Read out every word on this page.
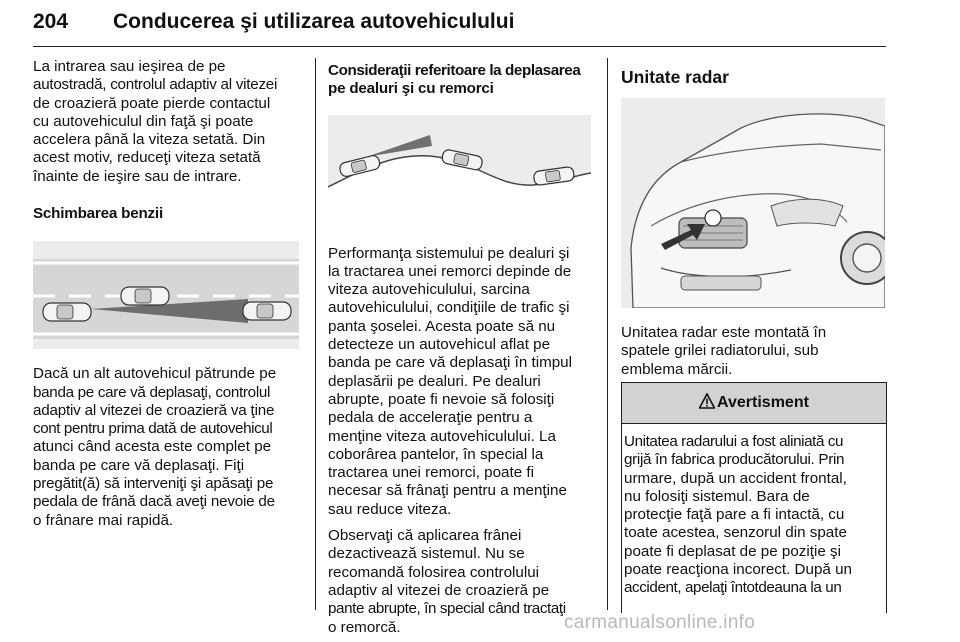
204 Conducerea şi utilizarea autovehiculului
La intrarea sau ieşirea de pe
autostradă, controlul adaptiv al vitezei
de croazieră poate pierde contactul
cu autovehiculul din faţă şi poate
accelera până la viteza setată. Din
acest motiv, reduceţi viteza setată
înainte de ieşire sau de intrare.
Schimbarea benzii
Dacă un alt autovehicul pătrunde pe
banda pe care vă deplasaţi, controlul
adaptiv al vitezei de croazieră va ţine
cont pentru prima dată de autovehicul
atunci când acesta este complet pe
banda pe care vă deplasaţi. Fiţi
pregătit(ă) să interveniţi şi apăsaţi pe
pedala de frână dacă aveţi nevoie de
o frânare mai rapidă.
Consideraţii referitoare la deplasarea
pe dealuri şi cu remorci
Performanţa sistemului pe dealuri şi
la tractarea unei remorci depinde de
viteza autovehiculului, sarcina
autovehiculului, condiţiile de trafic şi
panta şoselei. Acesta poate să nu
detecteze un autovehicul aflat pe
banda pe care vă deplasaţi în timpul
deplasării pe dealuri. Pe dealuri
abrupte, poate fi nevoie să folosiţi
pedala de acceleraţie pentru a
menţine viteza autovehiculului. La
coborârea pantelor, în special la
tractarea unei remorci, poate fi
necesar să frânaţi pentru a menţine
sau reduce viteza.
Observaţi că aplicarea frânei
dezactivează sistemul. Nu se
recomandă folosirea controlului
adaptiv al vitezei de croazieră pe
pante abrupte, în special când tractaţi
o remorcă.
Unitate radar
Unitatea radar este montată în
spatele grilei radiatorului, sub
emblema mărcii.
Avertisment
Unitatea radarului a fost aliniată cu
grijă în fabrica producătorului. Prin
urmare, după un accident frontal,
nu folosiţi sistemul. Bara de
protecţie faţă pare a fi intactă, cu
toate acestea, senzorul din spate
poate fi deplasat de pe poziţie şi
poate reacţiona incorect. După un
accident, apelaţi întotdeauna la un
carmanualsonline.info
